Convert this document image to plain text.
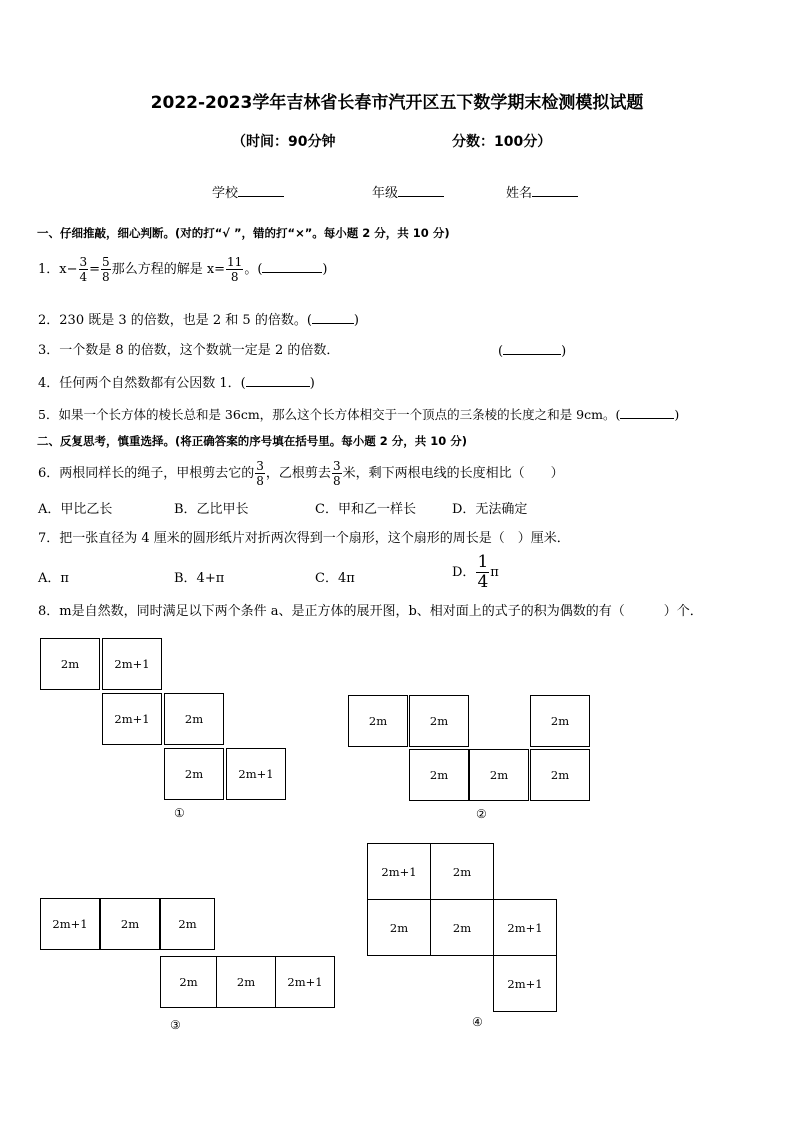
2022-2023学年吉林省长春市汽开区五下数学期末检测模拟试题
（时间：90分钟	分数：100分）
学校	年级	姓名
一、仔细推敲，细心判断。(对的打“√ ”，错的打“×”。每小题 2 分，共 10 分)
1．$x- \frac{3}{4} = \frac{5}{8}$ 那么方程的解是 $x= \frac{11}{8}$ 。(	)
2．230 既是 3 的倍数，也是 2 和 5 的倍数。(	)
3．一个数是 8 的倍数，这个数就一定是 2 的倍数．	(	)
4．任何两个自然数都有公因数 1．(	)
5．如果一个长方体的棱长总和是 36cm，那么这个长方体相交于一个顶点的三条棱的长度之和是 9cm。(	)
二、反复思考，慎重选择。(将正确答案的序号填在括号里。每小题 2 分，共 10 分)
6．两根同样长的绳子，甲根剪去它的 $\frac{3}{8}$ ，乙根剪去 $\frac{3}{8}$ 米，剩下两根电线的长度相比（　　）
A．甲比乙长	B．乙比甲长	C．甲和乙一样长	D．无法确定
7．把一张直径为 4 厘米的圆形纸片对折两次得到一个扇形，这个扇形的周长是（　）厘米．
A．π	B．4+π	C．4π	D． $\frac{1}{4}$ π
8．m是自然数，同时满足以下两个条件 a、是正方体的展开图，b、相对面上的式子的积为偶数的有（　　　）个．
2m	2m+1
2m+1	2m
2m	2m+1
①
2m	2m	2m
2m	2m	2m
②
2m+1	2m	2m
2m	2m	2m+1
③
2m+1	2m
2m	2m	2m+1
2m+1
④
